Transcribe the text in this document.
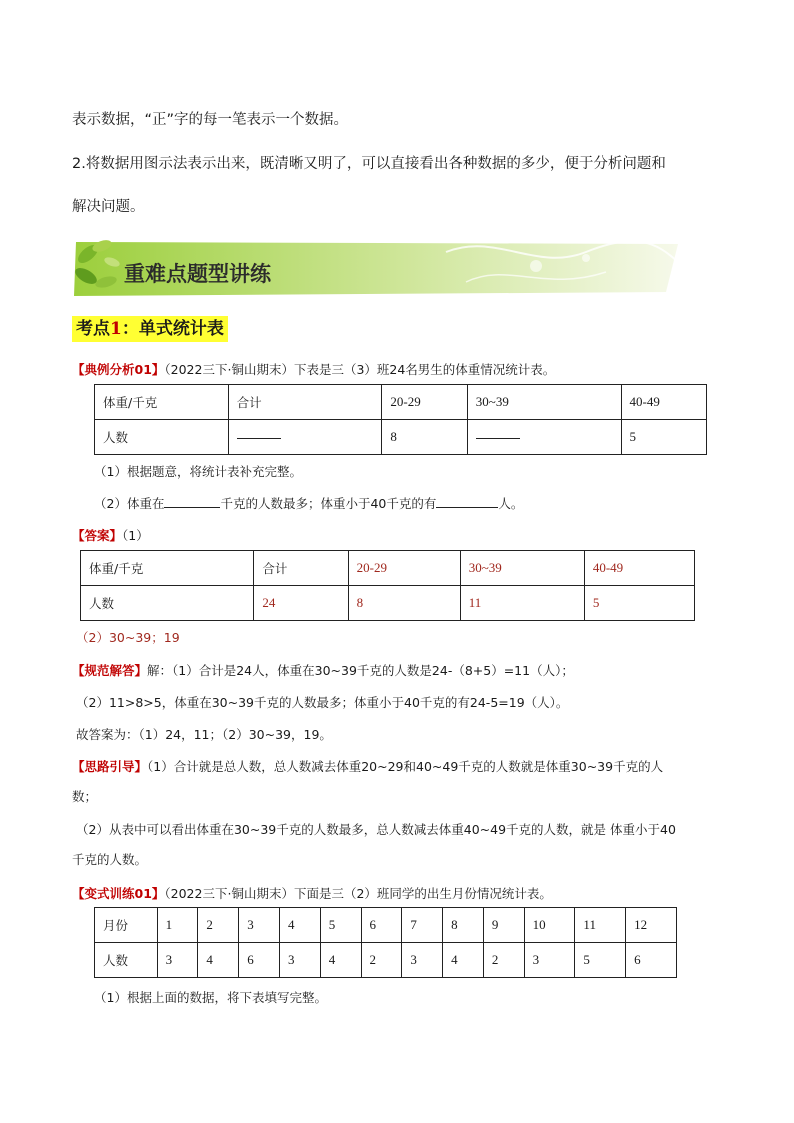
表示数据，“正”字的每一笔表示一个数据。
2.将数据用图示法表示出来，既清晰又明了，可以直接看出各种数据的多少，便于分析问题和
解决问题。
重难点题型讲练
考点1：单式统计表
【典例分析01】（2022三下·铜山期末）下表是三（3）班24名男生的体重情况统计表。
体重/千克	合计	20-29	30~39	40-49
人数		8		5
（1）根据题意，将统计表补充完整。
（2）体重在	千克的人数最多；体重小于40千克的有	人。
【答案】（1）
体重/千克	合计	20-29	30~39	40-49
人数	24	8	11	5
（2）30~39；19
【规范解答】解：（1）合计是24人，体重在30~39千克的人数是24-（8+5）=11（人）；
（2）11>8>5，体重在30~39千克的人数最多；体重小于40千克的有24-5=19（人）。
故答案为：（1）24，11；（2）30~39，19。
【思路引导】（1）合计就是总人数，总人数减去体重20~29和40~49千克的人数就是体重30~39千克的人
数；
（2）从表中可以看出体重在30~39千克的人数最多，总人数减去体重40~49千克的人数，就是 体重小于40
千克的人数。
【变式训练01】（2022三下·铜山期末）下面是三（2）班同学的出生月份情况统计表。
月份	1	2	3	4	5	6	7	8	9	10	11	12
人数	3	4	6	3	4	2	3	4	2	3	5	6
（1）根据上面的数据，将下表填写完整。
